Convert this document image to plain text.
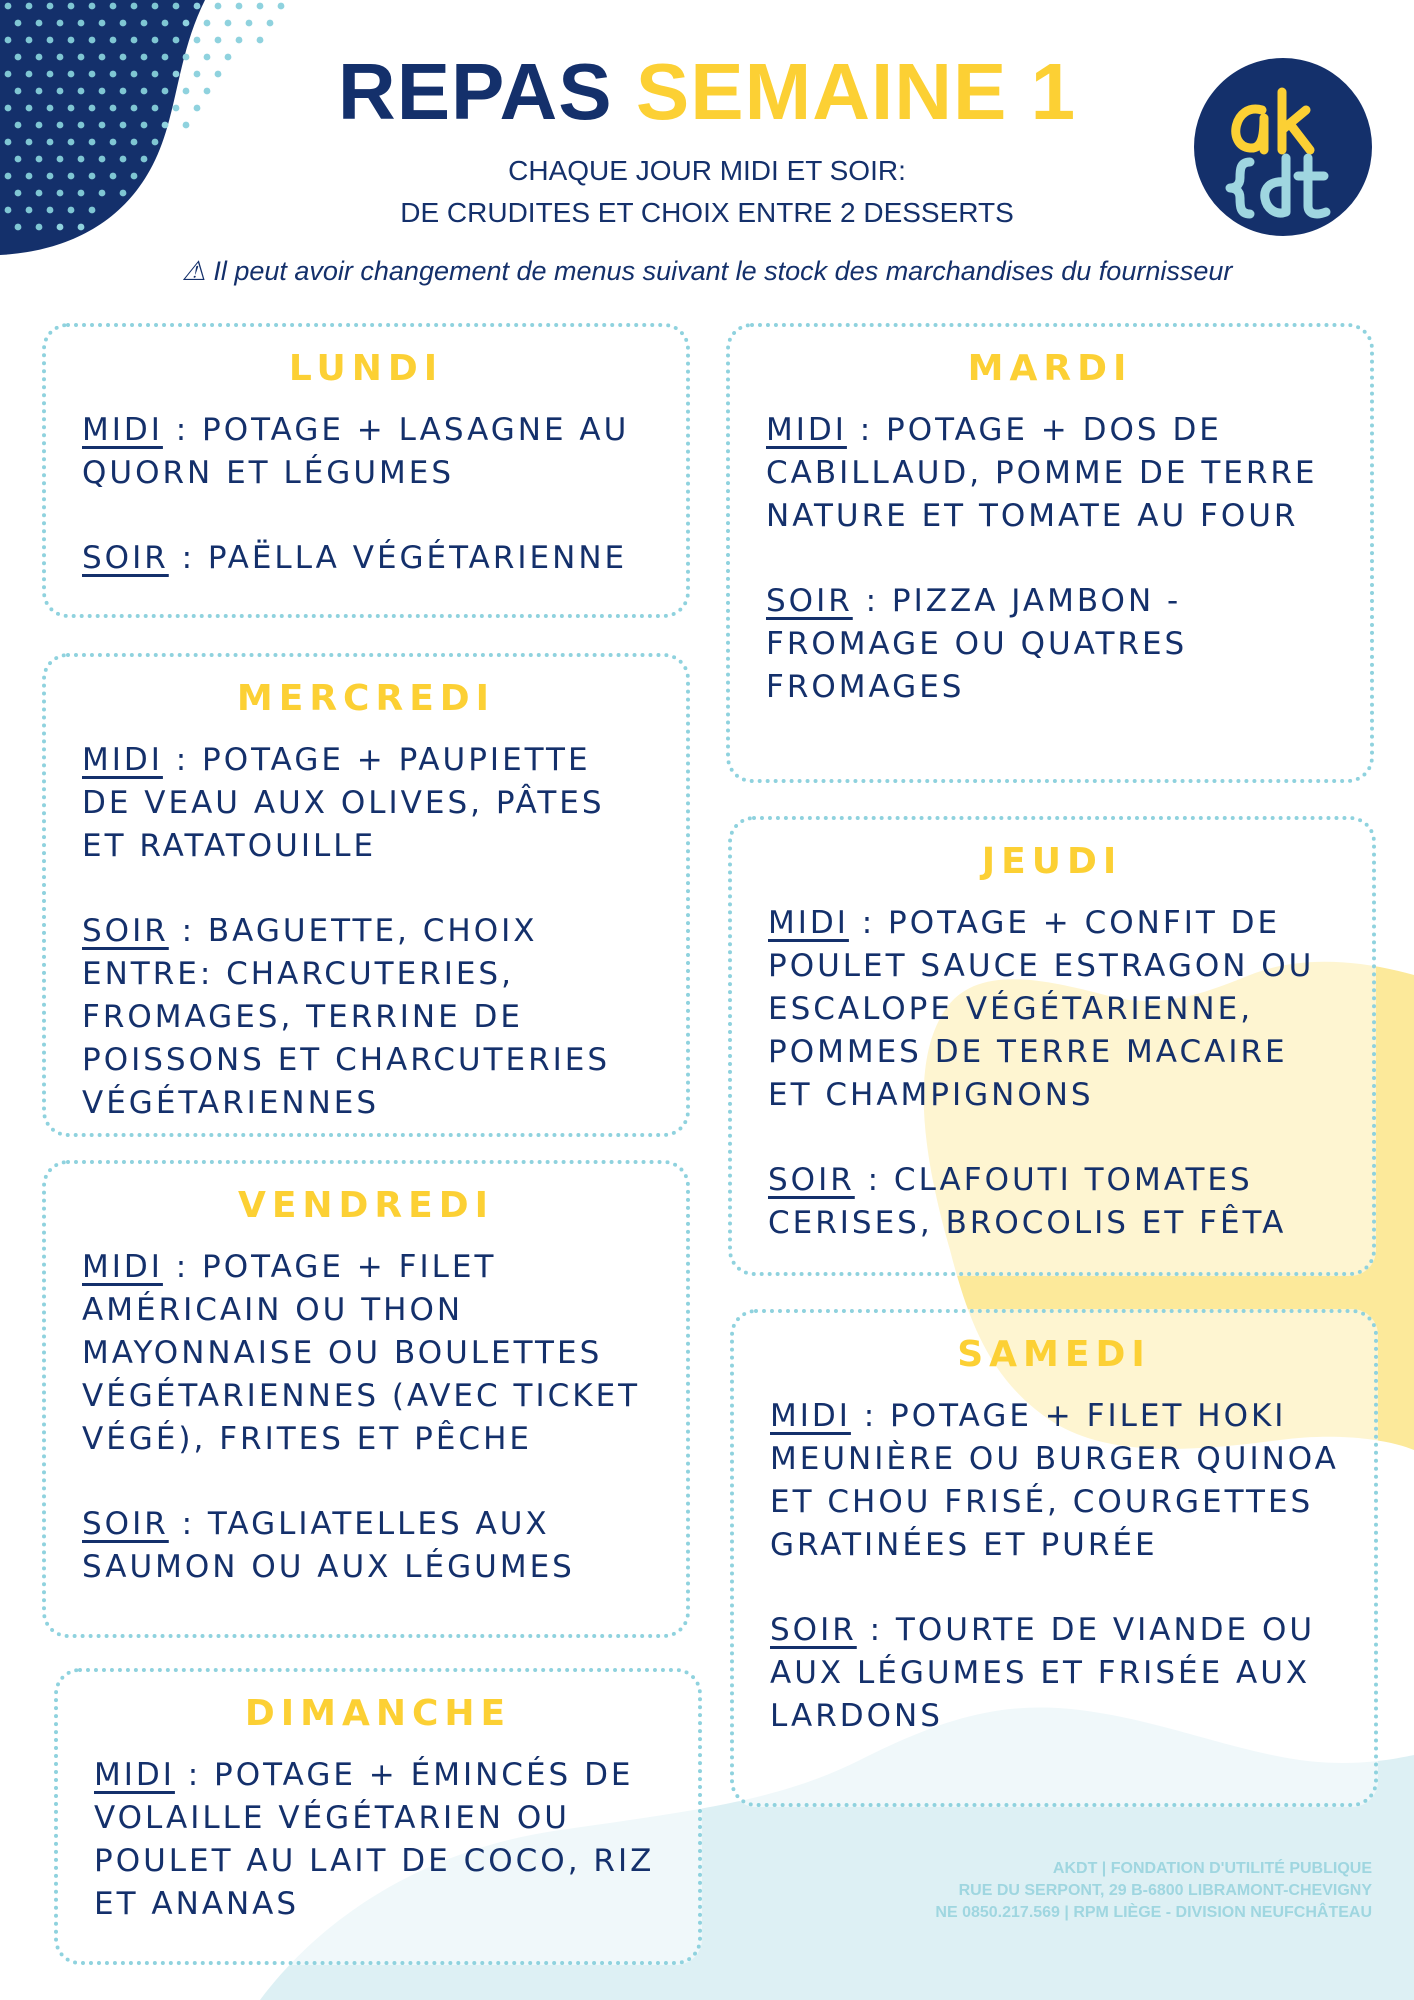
REPAS SEMAINE 1
CHAQUE JOUR MIDI ET SOIR:
DE CRUDITES ET CHOIX ENTRE 2 DESSERTS
⚠ Il peut avoir changement de menus suivant le stock des marchandises du fournisseur
LUNDI
MIDI : POTAGE + LASAGNE AU QUORN ET LÉGUMES
SOIR : PAËLLA VÉGÉTARIENNE
MARDI
MIDI : POTAGE + DOS DE CABILLAUD, POMME DE TERRE NATURE ET TOMATE AU FOUR
SOIR : PIZZA JAMBON - FROMAGE OU QUATRES FROMAGES
MERCREDI
MIDI : POTAGE + PAUPIETTE DE VEAU AUX OLIVES, PÂTES ET RATATOUILLE
SOIR : BAGUETTE, CHOIX ENTRE: CHARCUTERIES, FROMAGES, TERRINE DE POISSONS ET CHARCUTERIES VÉGÉTARIENNES
JEUDI
MIDI : POTAGE + CONFIT DE POULET SAUCE ESTRAGON OU ESCALOPE VÉGÉTARIENNE, POMMES DE TERRE MACAIRE ET CHAMPIGNONS
SOIR : CLAFOUTI TOMATES CERISES, BROCOLIS ET FÊTA
VENDREDI
MIDI : POTAGE + FILET AMÉRICAIN OU THON MAYONNAISE OU BOULETTES VÉGÉTARIENNES (AVEC TICKET VÉGÉ), FRITES ET PÊCHE
SOIR : TAGLIATELLES AUX SAUMON OU AUX LÉGUMES
SAMEDI
MIDI : POTAGE + FILET HOKI MEUNIÈRE OU BURGER QUINOA ET CHOU FRISÉ, COURGETTES GRATINÉES ET PURÉE
SOIR : TOURTE DE VIANDE OU AUX LÉGUMES ET FRISÉE AUX LARDONS
DIMANCHE
MIDI : POTAGE + ÉMINCÉS DE VOLAILLE VÉGÉTARIEN OU POULET AU LAIT DE COCO, RIZ ET ANANAS
AKDT | FONDATION D'UTILITÉ PUBLIQUE
RUE DU SERPONT, 29 B-6800 LIBRAMONT-CHEVIGNY
NE 0850.217.569 | RPM LIÈGE - DIVISION NEUFCHÂTEAU
